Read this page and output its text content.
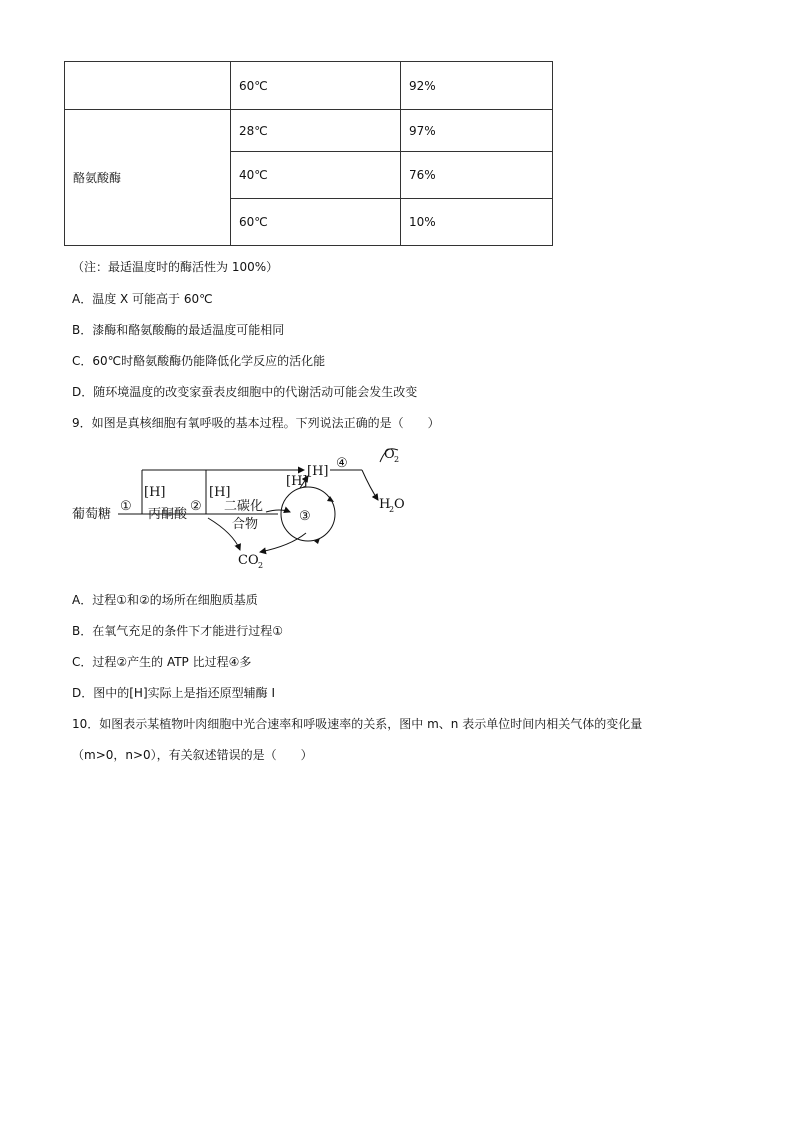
	60℃	92%
酪氨酸酶	28℃	97%
	40℃	76%
	60℃	10%

（注：最适温度时的酶活性为 100%）

A．温度 X 可能高于 60℃

B．漆酶和酪氨酸酶的最适温度可能相同

C．60℃时酪氨酸酶仍能降低化学反应的活化能

D．随环境温度的改变家蚕表皮细胞中的代谢活动可能会发生改变

9．如图是真核细胞有氧呼吸的基本过程。下列说法正确的是（　　）

葡萄糖
①
[H]
丙酮酸
②
[H]
二碳化
合物
[H]
③
[H]
④
O 2
H
2 O
CO 2

A．过程①和②的场所在细胞质基质

B．在氧气充足的条件下才能进行过程①

C．过程②产生的 ATP 比过程④多

D．图中的[H]实际上是指还原型辅酶 I

10．如图表示某植物叶肉细胞中光合速率和呼吸速率的关系，图中 m、n 表示单位时间内相关气体的变化量

（m>0，n>0），有关叙述错误的是（　　）
